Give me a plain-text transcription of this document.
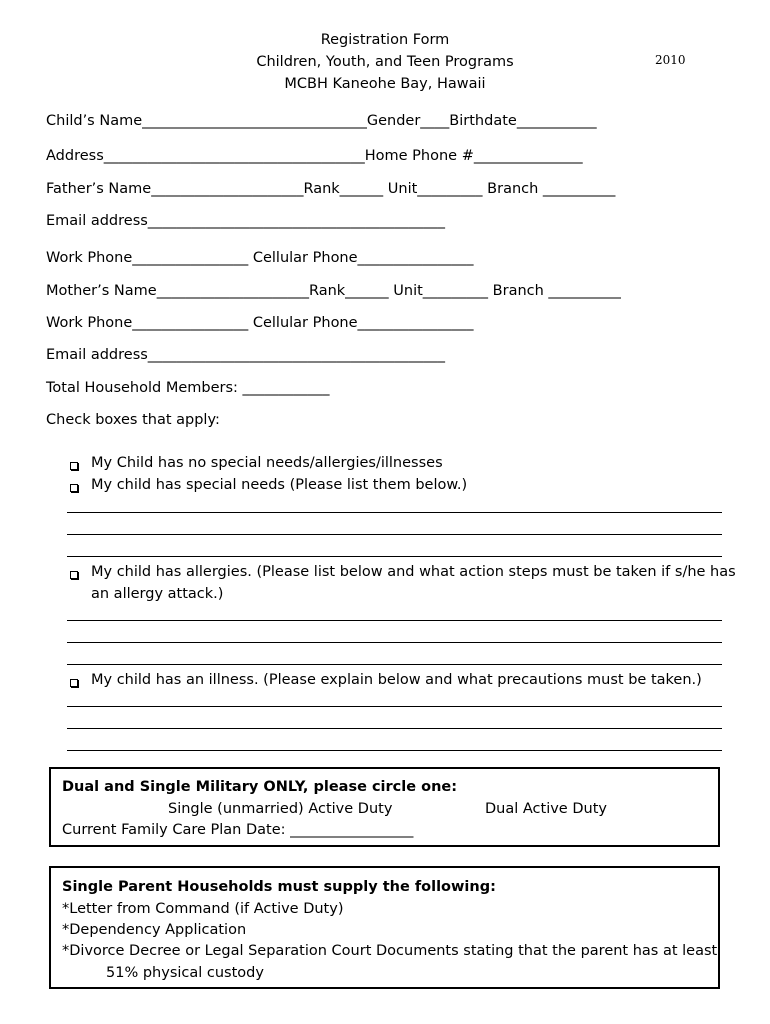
Registration Form
Children, Youth, and Teen Programs
MCBH Kaneohe Bay, Hawaii
2010
Child’s Name_______________________________Gender____Birthdate___________
Address____________________________________Home Phone #_______________
Father’s Name_____________________Rank______ Unit_________ Branch __________
Email address_________________________________________
Work Phone________________ Cellular Phone________________
Mother’s Name_____________________Rank______ Unit_________ Branch __________
Work Phone________________ Cellular Phone________________
Email address_________________________________________
Total Household Members: ____________
Check boxes that apply:
My Child has no special needs/allergies/illnesses
My child has special needs (Please list them below.)
My child has allergies. (Please list below and what action steps must be taken if s/he has
an allergy attack.)
My child has an illness. (Please explain below and what precautions must be taken.)
Dual and Single Military ONLY, please circle one:
Single (unmarried) Active Duty	Dual Active Duty
Current Family Care Plan Date: _________________
Single Parent Households must supply the following:
*Letter from Command (if Active Duty)
*Dependency Application
*Divorce Decree or Legal Separation Court Documents stating that the parent has at least
51% physical custody
